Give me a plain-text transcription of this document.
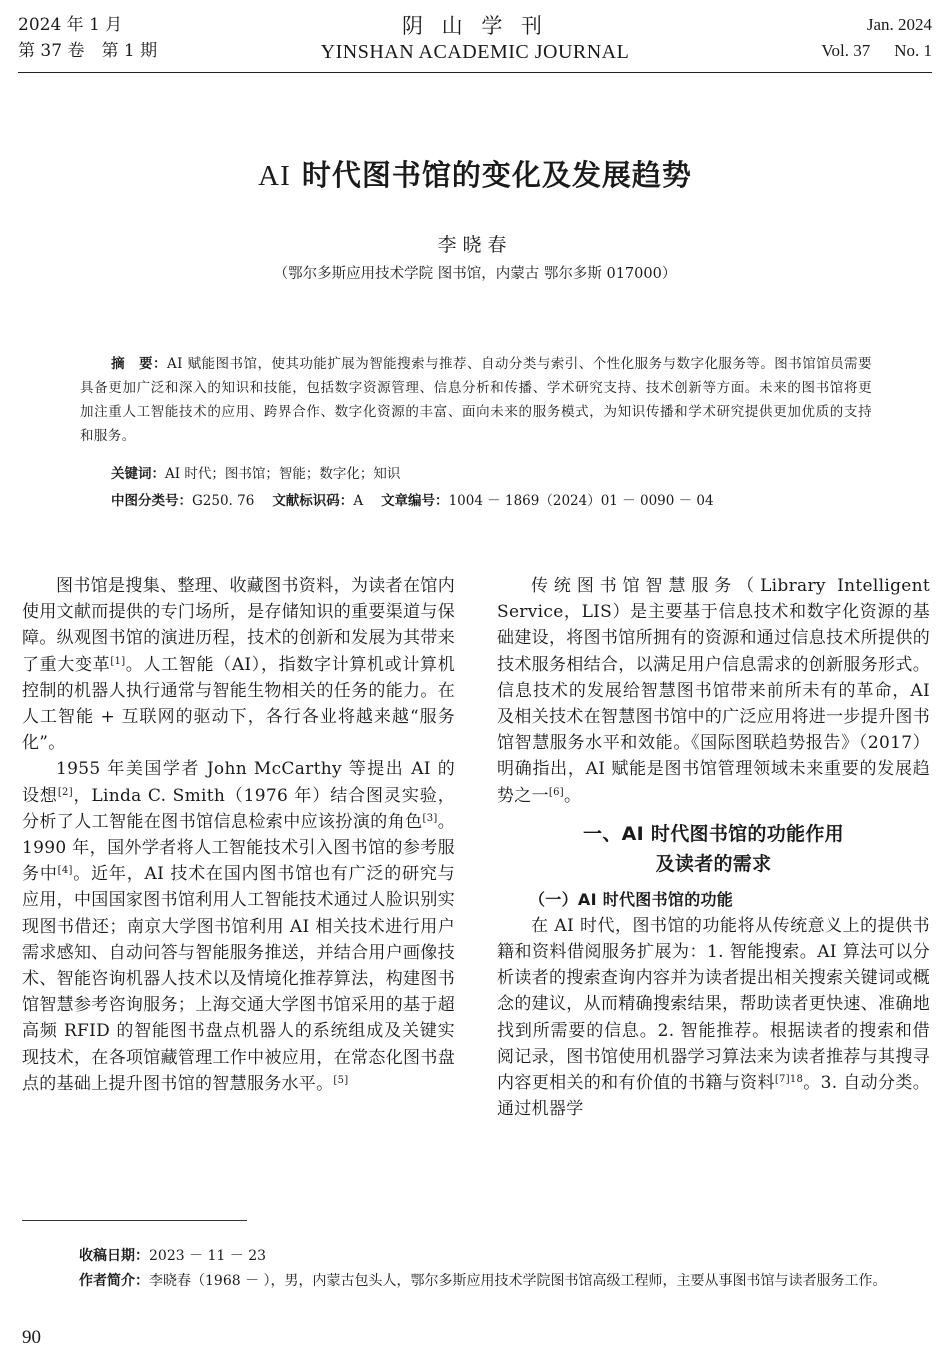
2024 年 1 月
第 37 卷　第 1 期
阴 山 学 刊
YINSHAN ACADEMIC JOURNAL
Jan. 2024
Vol. 37 No. 1
AI 时代图书馆的变化及发展趋势
李晓春
（鄂尔多斯应用技术学院 图书馆，内蒙古 鄂尔多斯 017000）
摘　要：AI 赋能图书馆，使其功能扩展为智能搜索与推荐、自动分类与索引、个性化服务与数字化服务等。图书馆馆员需要具备更加广泛和深入的知识和技能，包括数字资源管理、信息分析和传播、学术研究支持、技术创新等方面。未来的图书馆将更加注重人工智能技术的应用、跨界合作、数字化资源的丰富、面向未来的服务模式，为知识传播和学术研究提供更加优质的支持和服务。
关键词：AI 时代；图书馆；智能；数字化；知识
中图分类号：G250. 76 文献标识码：A 文章编号：1004 － 1869（2024）01 － 0090 － 04

图书馆是搜集、整理、收藏图书资料，为读者在馆内使用文献而提供的专门场所，是存储知识的重要渠道与保障。纵观图书馆的演进历程，技术的创新和发展为其带来了重大变革[1]。人工智能（AI），指数字计算机或计算机控制的机器人执行通常与智能生物相关的任务的能力。在人工智能 + 互联网的驱动下，各行各业将越来越“服务化”。

1955 年美国学者 John McCarthy 等提出 AI 的设想[2]，Linda C. Smith（1976 年）结合图灵实验，分析了人工智能在图书馆信息检索中应该扮演的角色[3]。1990 年，国外学者将人工智能技术引入图书馆的参考服务中[4]。近年，AI 技术在国内图书馆也有广泛的研究与应用，中国国家图书馆利用人工智能技术通过人脸识别实现图书借还；南京大学图书馆利用 AI 相关技术进行用户需求感知、自动问答与智能服务推送，并结合用户画像技术、智能咨询机器人技术以及情境化推荐算法，构建图书馆智慧参考咨询服务；上海交通大学图书馆采用的基于超高频 RFID 的智能图书盘点机器人的系统组成及关键实现技术，在各项馆藏管理工作中被应用，在常态化图书盘点的基础上提升图书馆的智慧服务水平。[5]

传统图书馆智慧服务（Library Intelligent Service，LIS）是主要基于信息技术和数字化资源的基础建设，将图书馆所拥有的资源和通过信息技术所提供的技术服务相结合，以满足用户信息需求的创新服务形式。信息技术的发展给智慧图书馆带来前所未有的革命，AI 及相关技术在智慧图书馆中的广泛应用将进一步提升图书馆智慧服务水平和效能。《国际图联趋势报告》（2017）明确指出，AI 赋能是图书馆管理领域未来重要的发展趋势之一[6]。

一、AI 时代图书馆的功能作用
及读者的需求
（一）AI 时代图书馆的功能

在 AI 时代，图书馆的功能将从传统意义上的提供书籍和资料借阅服务扩展为：1. 智能搜索。AI 算法可以分析读者的搜索查询内容并为读者提出相关搜索关键词或概念的建议，从而精确搜索结果，帮助读者更快速、准确地找到所需要的信息。2. 智能推荐。根据读者的搜索和借阅记录，图书馆使用机器学习算法来为读者推荐与其搜寻内容更相关的和有价值的书籍与资料$^{[7]18}$。3. 自动分类。通过机器学

收稿日期：2023 － 11 － 23
作者简介： 李晓春（1968 － ），男，内蒙古包头人，鄂尔多斯应用技术学院图书馆高级工程师，主要从事图书馆与读者服务工作。
90
